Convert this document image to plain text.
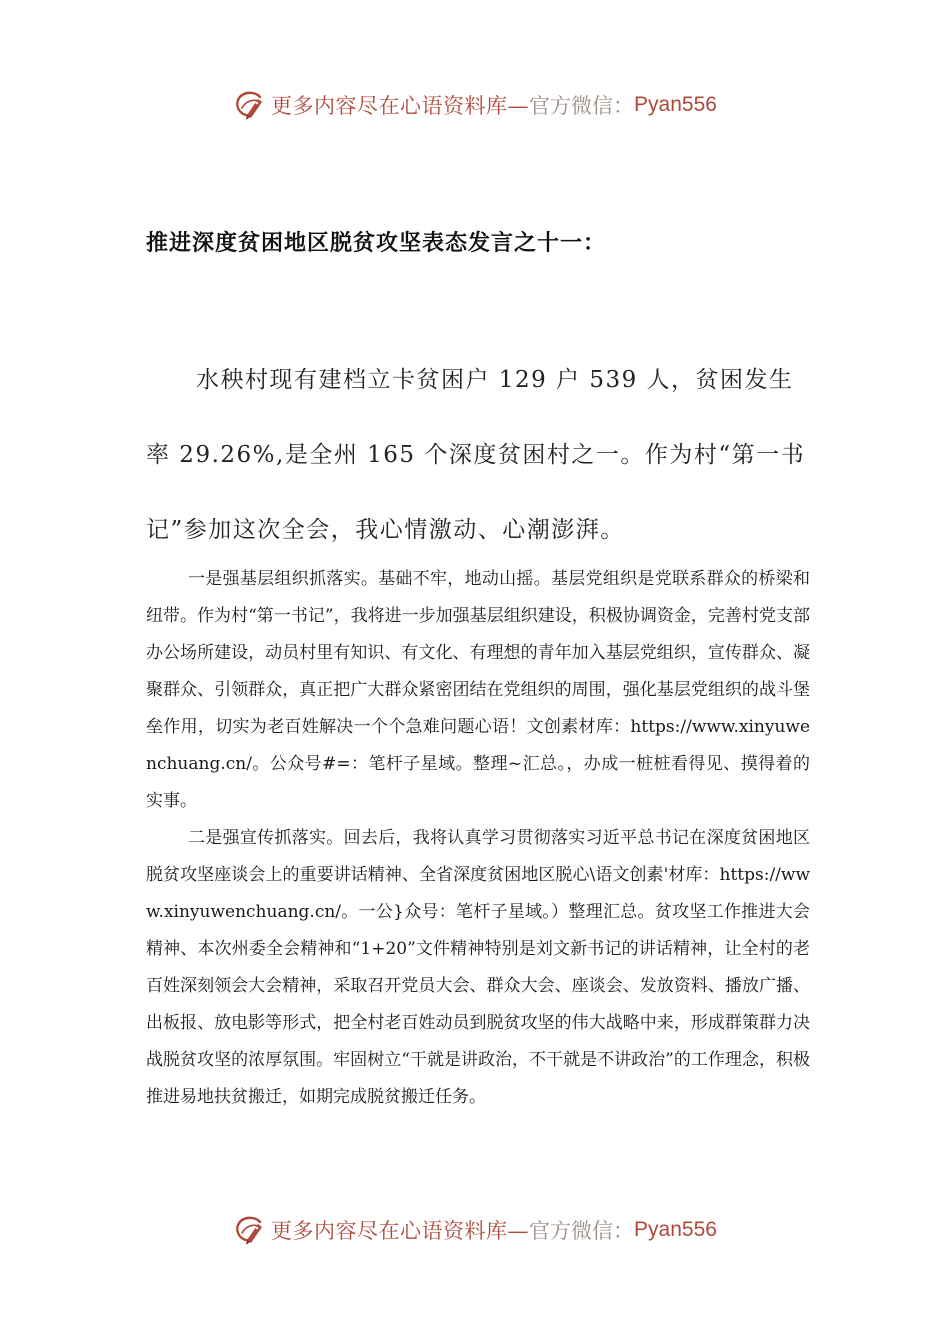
更多内容尽在心语资料库— 官方微信： Pyan556
推进深度贫困地区脱贫攻坚表态发言之十一：

水秧村现有建档立卡贫困户 129 户 539 人，贫困发生率 29.26%,是全州 165 个深度贫困村之一。作为村“第一书记”参加这次全会，我心情激动、心潮澎湃。

一是强基层组织抓落实。基础不牢，地动山摇。基层党组织是党联系群众的桥梁和纽带。作为村“第一书记”，我将进一步加强基层组织建设，积极协调资金，完善村党支部办公场所建设，动员村里有知识、有文化、有理想的青年加入基层党组织，宣传群众、凝聚群众、引领群众，真正把广大群众紧密团结在党组织的周围，强化基层党组织的战斗堡垒作用，切实为老百姓解决一个个急难问题心语！文创素材库：https://www.xinyuwenchuang.cn/。公众号#=：笔杆子星域。整理~汇总。，办成一桩桩看得见、摸得着的实事。

二是强宣传抓落实。回去后，我将认真学习贯彻落实习近平总书记在深度贫困地区脱贫攻坚座谈会上的重要讲话精神、全省深度贫困地区脱心\语文创素'材库：https://www.xinyuwenchuang.cn/。一公}众号：笔杆子星域。）整理汇总。贫攻坚工作推进大会精神、本次州委全会精神和“1+20”文件精神特别是刘文新书记的讲话精神，让全村的老百姓深刻领会大会精神，采取召开党员大会、群众大会、座谈会、发放资料、播放广播、出板报、放电影等形式，把全村老百姓动员到脱贫攻坚的伟大战略中来，形成群策群力决战脱贫攻坚的浓厚氛围。牢固树立“干就是讲政治，不干就是不讲政治”的工作理念，积极推进易地扶贫搬迁，如期完成脱贫搬迁任务。

更多内容尽在心语资料库— 官方微信： Pyan556
